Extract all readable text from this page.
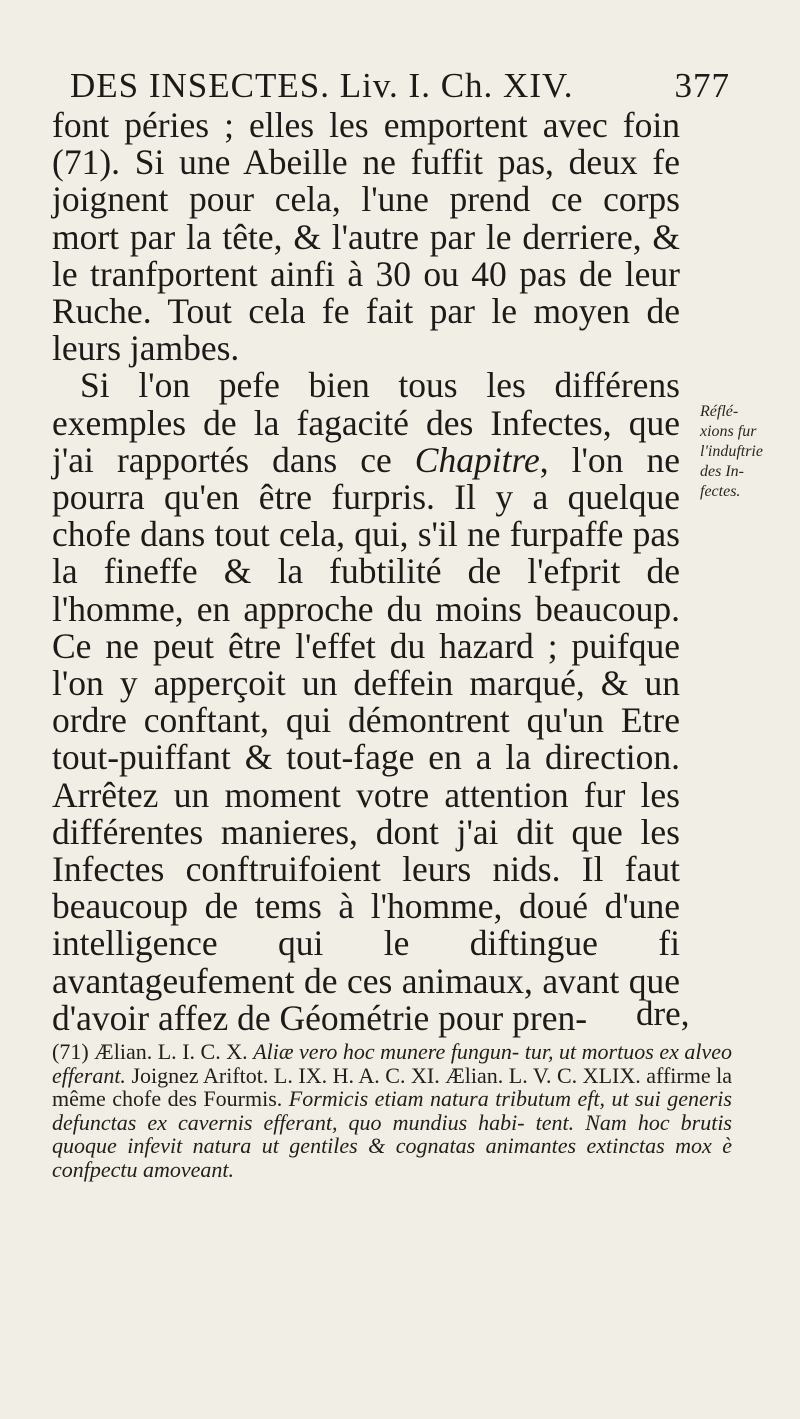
DES INSECTES. Liv. I. Ch. XIV.	377

font péries ; elles les emportent avec foin (71). Si une Abeille ne fuffit pas, deux fe joignent pour cela, l'une prend ce corps mort par la tête, & l'autre par le derriere, & le tranfportent ainfi à 30 ou 40 pas de leur Ruche. Tout cela fe fait par le moyen de leurs jambes.

Si l'on pefe bien tous les différens exemples de la fagacité des Infectes, que j'ai rapportés dans ce Chapitre, l'on ne pourra qu'en être furpris. Il y a quelque chofe dans tout cela, qui, s'il ne furpaffe pas la fineffe & la fubtilité de l'efprit de l'homme, en approche du moins beaucoup. Ce ne peut être l'effet du hazard ; puifque l'on y apperçoit un deffein marqué, & un ordre conftant, qui démontrent qu'un Etre tout-puiffant & tout-fage en a la direction. Arrêtez un moment votre attention fur les différentes manieres, dont j'ai dit que les Infectes conftruifoient leurs nids. Il faut beaucoup de tems à l'homme, doué d'une intelligence qui le diftingue fi avantageufement de ces animaux, avant que d'avoir affez de Géométrie pour pren-	dre,
Réflé-
xions fur
l'induftrie
des In-
fectes.
(71) Ælian. L. I. C. X. Aliæ vero hoc munere fungun- tur, ut mortuos ex alveo efferant. Joignez Ariftot. L. IX. H. A. C. XI. Ælian. L. V. C. XLIX. affirme la même chofe des Fourmis. Formicis etiam natura tributum eft, ut sui generis defunctas ex cavernis efferant, quo mundius habi- tent. Nam hoc brutis quoque infevit natura ut gentiles & cognatas animantes extinctas mox è confpectu amoveant.
